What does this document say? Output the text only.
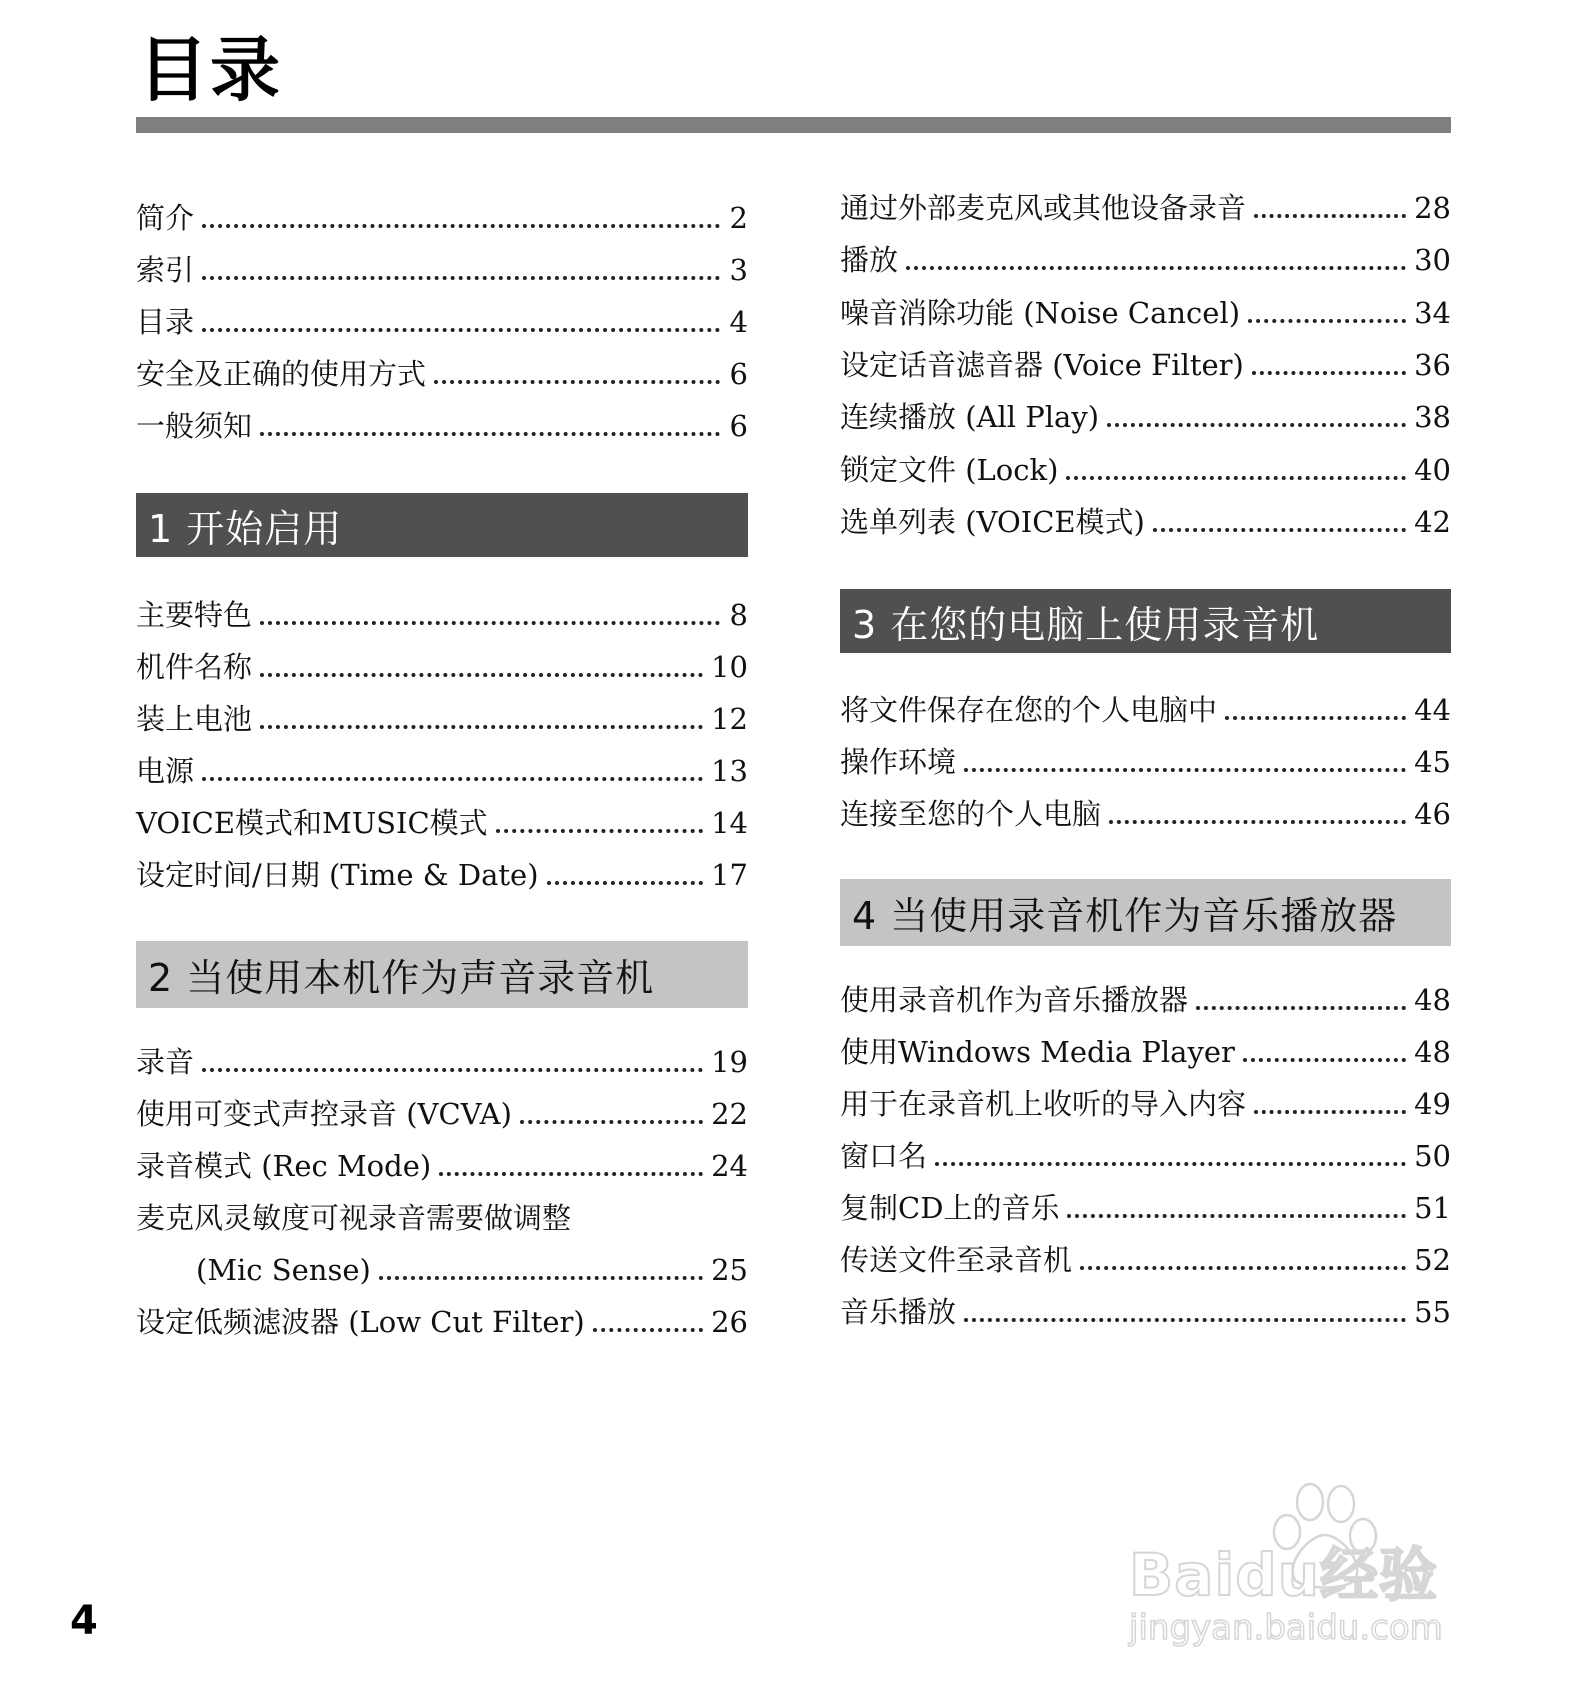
目录
简介	2
索引	3
目录	4
安全及正确的使用方式	6
一般须知	6
1 开始启用
主要特色	8
机件名称	10
装上电池	12
电源	13
VOICE模式和MUSIC模式	14
设定时间/日期 (Time & Date)	17
2 当使用本机作为声音录音机
录音	19
使用可变式声控录音 (VCVA)	22
录音模式 (Rec Mode)	24
麦克风灵敏度可视录音需要做调整
(Mic Sense)	25
设定低频滤波器 (Low Cut Filter)	26
通过外部麦克风或其他设备录音	28
播放	30
噪音消除功能 (Noise Cancel)	34
设定话音滤音器 (Voice Filter)	36
连续播放 (All Play)	38
锁定文件 (Lock)	40
选单列表 (VOICE模式)	42
3 在您的电脑上使用录音机
将文件保存在您的个人电脑中	44
操作环境	45
连接至您的个人电脑	46
4 当使用录音机作为音乐播放器
使用录音机作为音乐播放器	48
使用Windows Media Player	48
用于在录音机上收听的导入内容	49
窗口名	50
复制CD上的音乐	51
传送文件至录音机	52
音乐播放	55
4
Baidu经验
jingyan.baidu.com
